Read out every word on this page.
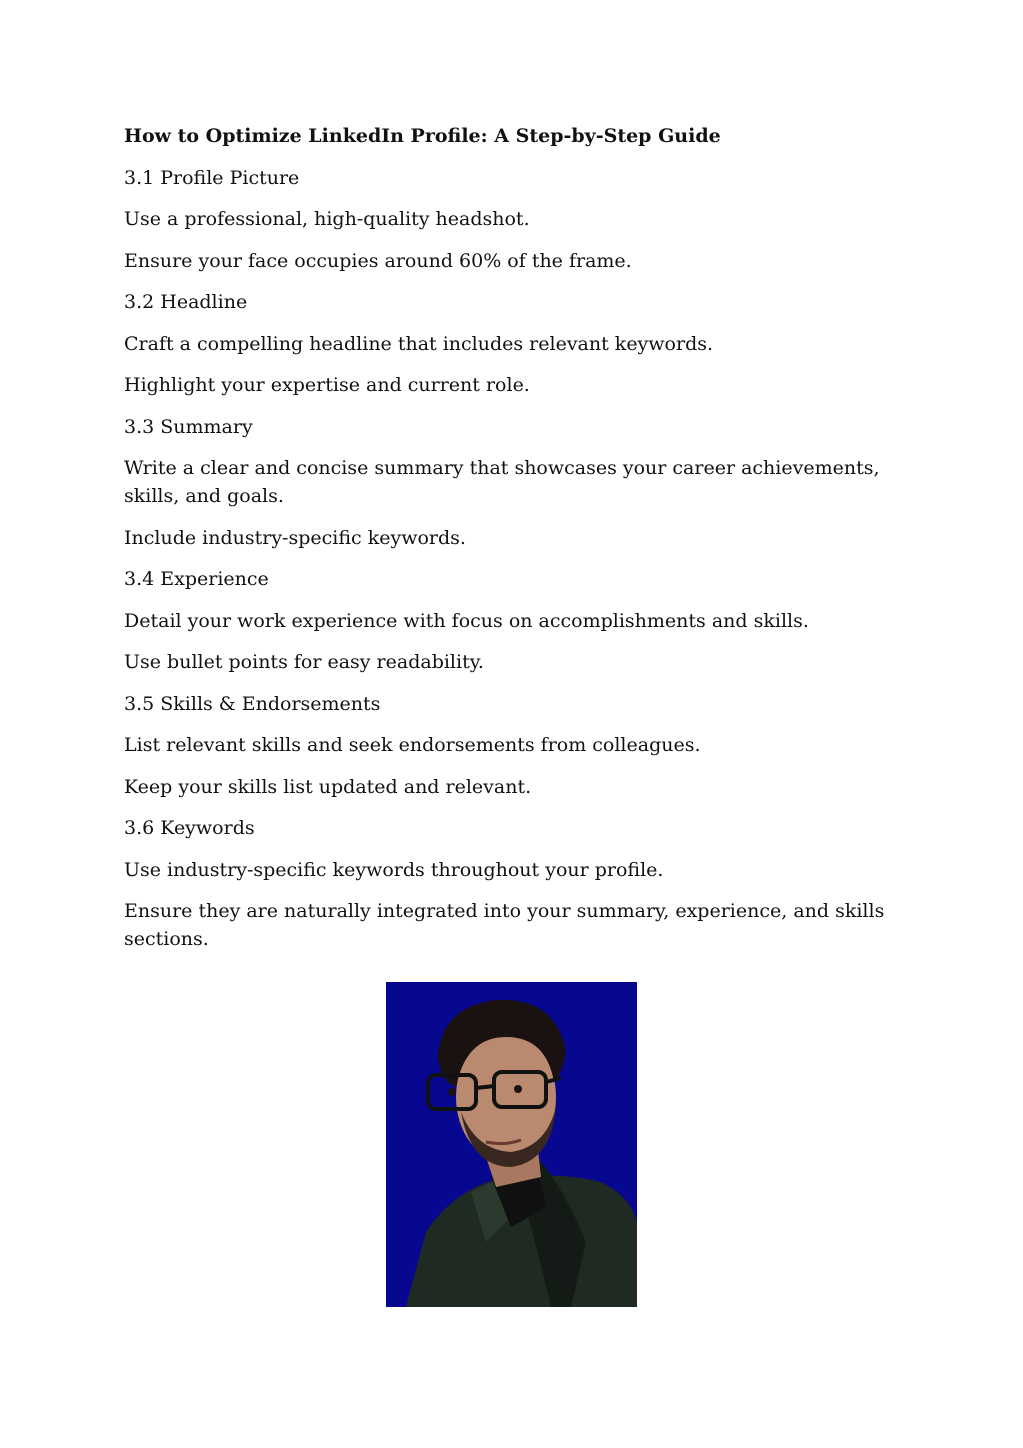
How to Optimize LinkedIn Profile: A Step-by-Step Guide

3.1 Profile Picture

Use a professional, high-quality headshot.

Ensure your face occupies around 60% of the frame.

3.2 Headline

Craft a compelling headline that includes relevant keywords.

Highlight your expertise and current role.

3.3 Summary

Write a clear and concise summary that showcases your career achievements, skills, and goals.

Include industry-specific keywords.

3.4 Experience

Detail your work experience with focus on accomplishments and skills.

Use bullet points for easy readability.

3.5 Skills & Endorsements

List relevant skills and seek endorsements from colleagues.

Keep your skills list updated and relevant.

3.6 Keywords

Use industry-specific keywords throughout your profile.

Ensure they are naturally integrated into your summary, experience, and skills sections.
